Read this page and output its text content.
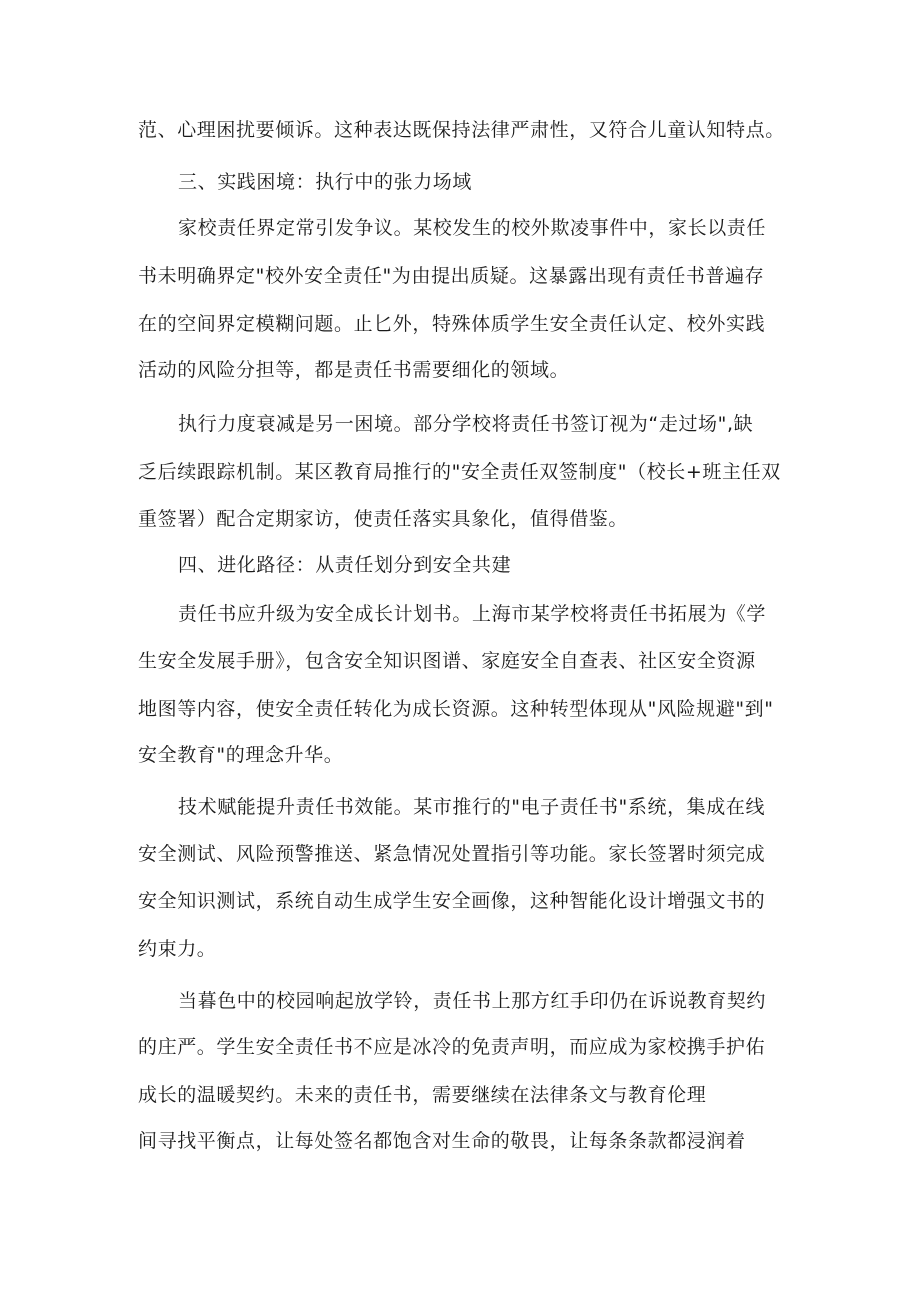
范、心理困扰要倾诉。这种表达既保持法律严肃性，又符合儿童认知特点。
三、实践困境：执行中的张力场域
家校责任界定常引发争议。某校发生的校外欺凌事件中，家长以责任
书未明确界定"校外安全责任"为由提出质疑。这暴露出现有责任书普遍存
在的空间界定模糊问题。止匕外，特殊体质学生安全责任认定、校外实践
活动的风险分担等，都是责任书需要细化的领域。
执行力度衰减是另一困境。部分学校将责任书签订视为“走过场",缺
乏后续跟踪机制。某区教育局推行的"安全责任双签制度"（校长+班主任双
重签署）配合定期家访，使责任落实具象化，值得借鉴。
四、进化路径：从责任划分到安全共建
责任书应升级为安全成长计划书。上海市某学校将责任书拓展为《学
生安全发展手册》，包含安全知识图谱、家庭安全自查表、社区安全资源
地图等内容，使安全责任转化为成长资源。这种转型体现从"风险规避"到"
安全教育"的理念升华。
技术赋能提升责任书效能。某市推行的"电子责任书"系统，集成在线
安全测试、风险预警推送、紧急情况处置指引等功能。家长签署时须完成
安全知识测试，系统自动生成学生安全画像，这种智能化设计增强文书的
约束力。
当暮色中的校园响起放学铃，责任书上那方红手印仍在诉说教育契约
的庄严。学生安全责任书不应是冰冷的免责声明，而应成为家校携手护佑
成长的温暖契约。未来的责任书，需要继续在法律条文与教育伦理
间寻找平衡点，让每处签名都饱含对生命的敬畏，让每条条款都浸润着
